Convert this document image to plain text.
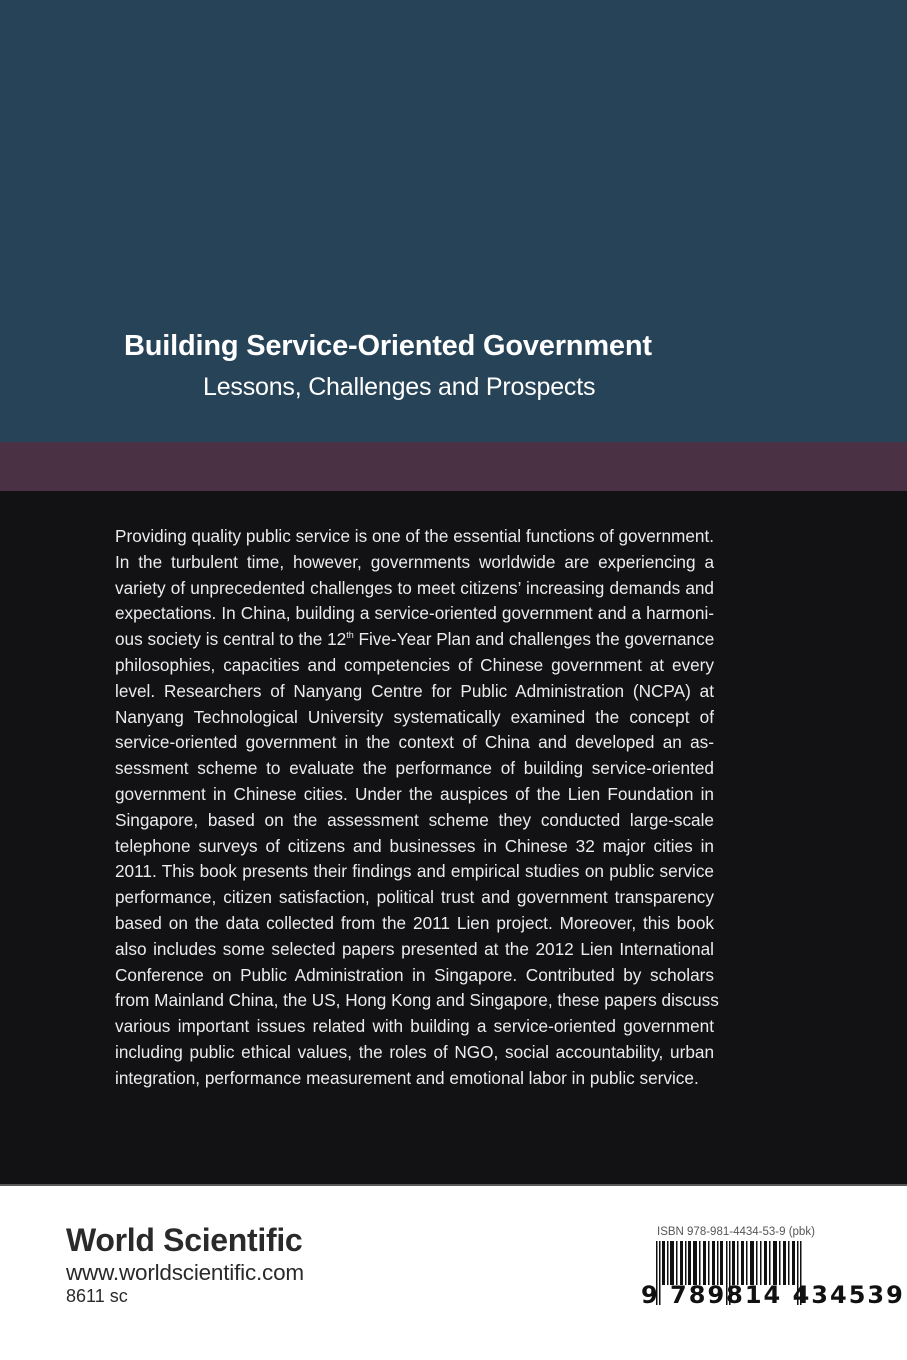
Building Service-Oriented Government
Lessons, Challenges and Prospects

Providing quality public service is one of the essential functions of government.

In the turbulent time, however, governments worldwide are experiencing a

variety of unprecedented challenges to meet citizens’ increasing demands and

expectations. In China, building a service-oriented government and a harmoni-

ous society is central to the 12th Five-Year Plan and challenges the governance

philosophies, capacities and competencies of Chinese government at every

level. Researchers of Nanyang Centre for Public Administration (NCPA) at

Nanyang Technological University systematically examined the concept of

service-oriented government in the context of China and developed an as-

sessment scheme to evaluate the performance of building service-oriented

government in Chinese cities. Under the auspices of the Lien Foundation in

Singapore, based on the assessment scheme they conducted large-scale

telephone surveys of citizens and businesses in Chinese 32 major cities in

2011. This book presents their findings and empirical studies on public service

performance, citizen satisfaction, political trust and government transparency

based on the data collected from the 2011 Lien project. Moreover, this book

also includes some selected papers presented at the 2012 Lien International

Conference on Public Administration in Singapore. Contributed by scholars

from Mainland China, the US, Hong Kong and Singapore, these papers discuss

various important issues related with building a service-oriented government

including public ethical values, the roles of NGO, social accountability, urban

integration, performance measurement and emotional labor in public service.

World Scientific
www.worldscientific.com
8611 sc
ISBN 978-981-4434-53-9 (pbk)
9 789814 434539
